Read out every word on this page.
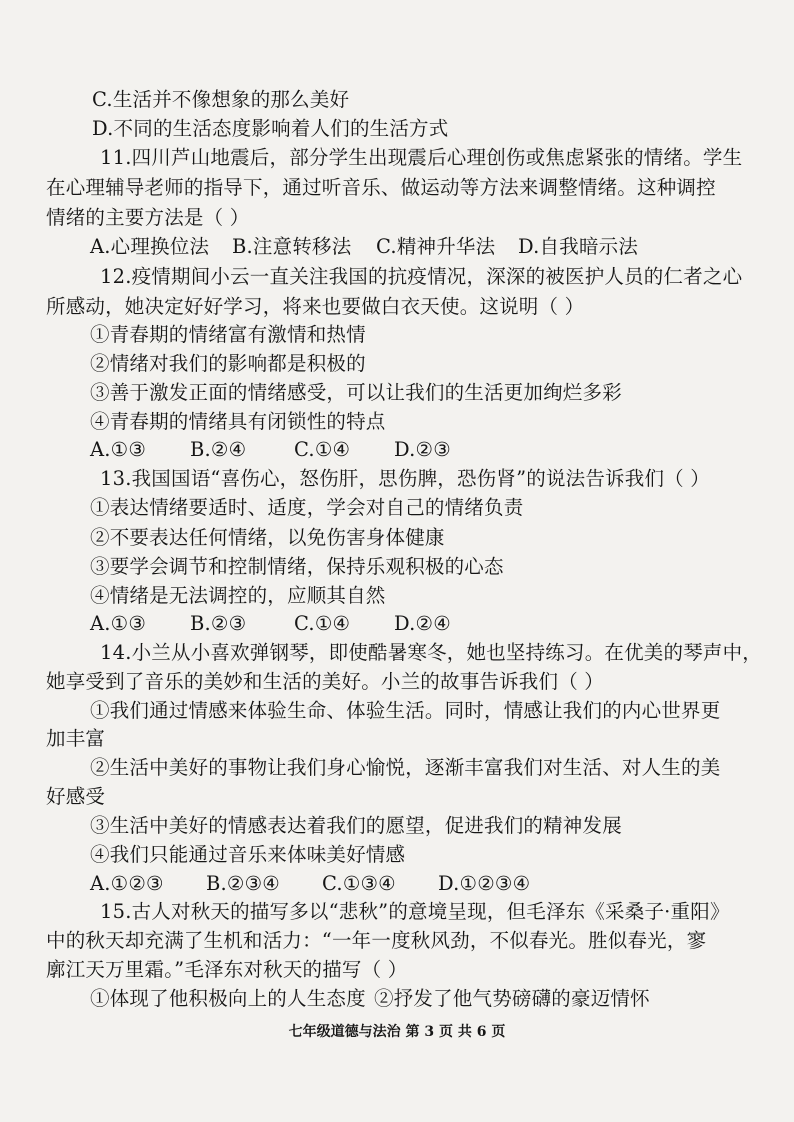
C.生活并不像想象的那么美好
D.不同的生活态度影响着人们的生活方式
11.四川芦山地震后，部分学生出现震后心理创伤或焦虑紧张的情绪。学生
在心理辅导老师的指导下，通过听音乐、做运动等方法来调整情绪。这种调控
情绪的主要方法是（ ）
A.心理换位法 B.注意转移法 C.精神升华法 D.自我暗示法
12.疫情期间小云一直关注我国的抗疫情况，深深的被医护人员的仁者之心
所感动，她决定好好学习，将来也要做白衣天使。这说明（ ）
①青春期的情绪富有激情和热情
②情绪对我们的影响都是积极的
③善于激发正面的情绪感受，可以让我们的生活更加绚烂多彩
④青春期的情绪具有闭锁性的特点
A.①③ B.②④ C.①④ D.②③
13.我国国语“喜伤心，怒伤肝，思伤脾，恐伤肾”的说法告诉我们（ ）
①表达情绪要适时、适度，学会对自己的情绪负责
②不要表达任何情绪，以免伤害身体健康
③要学会调节和控制情绪，保持乐观积极的心态
④情绪是无法调控的，应顺其自然
A.①③ B.②③ C.①④ D.②④
14.小兰从小喜欢弹钢琴，即使酷暑寒冬，她也坚持练习。在优美的琴声中，
她享受到了音乐的美妙和生活的美好。小兰的故事告诉我们（ ）
①我们通过情感来体验生命、体验生活。同时，情感让我们的内心世界更
加丰富
②生活中美好的事物让我们身心愉悦，逐渐丰富我们对生活、对人生的美
好感受
③生活中美好的情感表达着我们的愿望，促进我们的精神发展
④我们只能通过音乐来体味美好情感
A.①②③ B.②③④ C.①③④ D.①②③④
15.古人对秋天的描写多以“悲秋”的意境呈现，但毛泽东《采桑子·重阳》
中的秋天却充满了生机和活力：“一年一度秋风劲，不似春光。胜似春光，寥
廓江天万里霜。”毛泽东对秋天的描写（ ）
①体现了他积极向上的人生态度 ②抒发了他气势磅礴的豪迈情怀
七年级道德与法治 第 3 页 共 6 页
